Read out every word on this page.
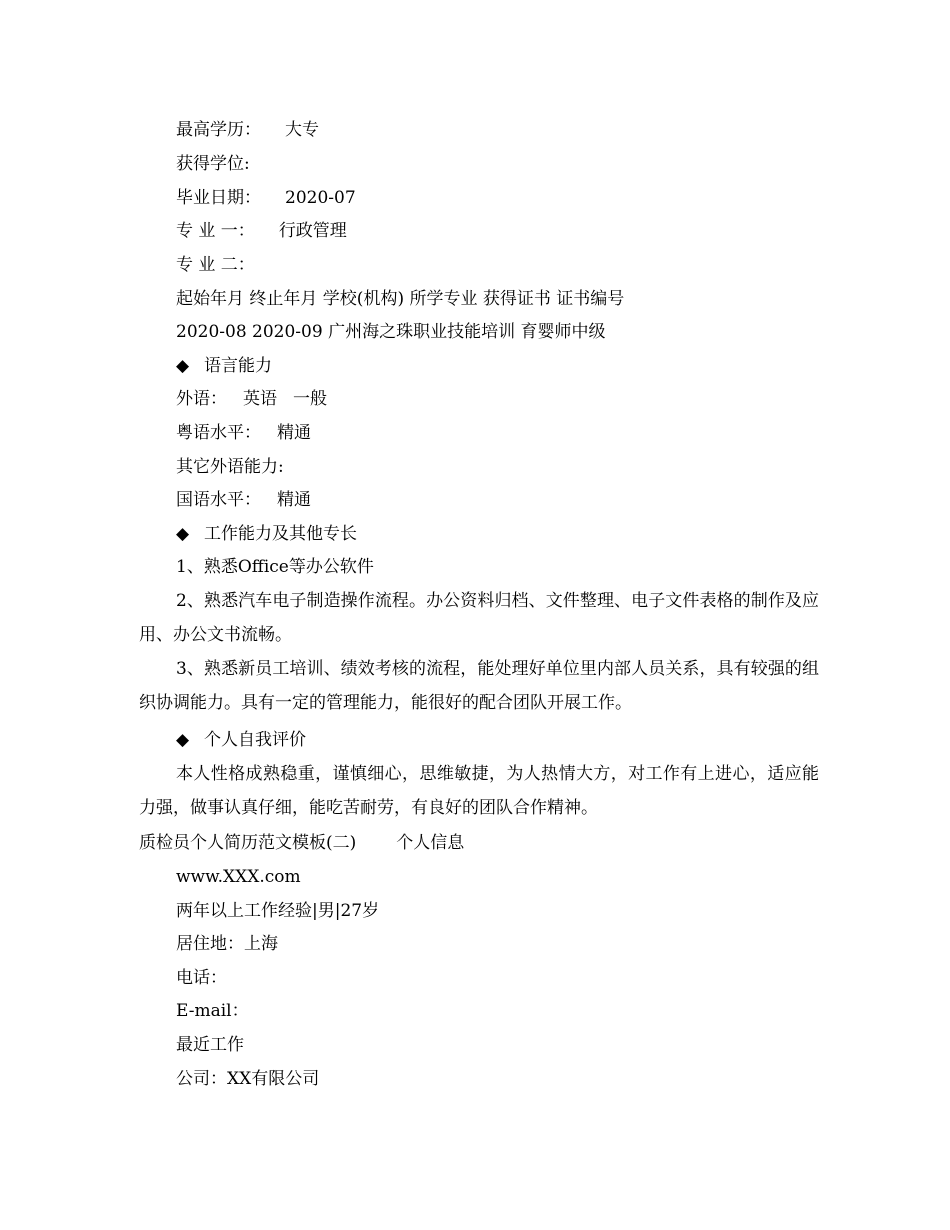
最高学历： 大专
获得学位:
毕业日期： 2020-07
专 业 一： 行政管理
专 业 二：
起始年月 终止年月 学校(机构) 所学专业 获得证书 证书编号
2020-08 2020-09 广州海之珠职业技能培训 育婴师中级
◆ 语言能力
外语： 英语 一般
粤语水平： 精通
其它外语能力:
国语水平： 精通
◆ 工作能力及其他专长
1、熟悉Office等办公软件
2、熟悉汽车电子制造操作流程。办公资料归档、文件整理、电子文件表格的制作及应用、办公文书流畅。
3、熟悉新员工培训、绩效考核的流程，能处理好单位里内部人员关系，具有较强的组织协调能力。具有一定的管理能力，能很好的配合团队开展工作。
◆ 个人自我评价
本人性格成熟稳重，谨慎细心，思维敏捷，为人热情大方，对工作有上进心，适应能力强，做事认真仔细，能吃苦耐劳，有良好的团队合作精神。
质检员个人简历范文模板(二) 个人信息
www.XXX.com
两年以上工作经验|男|27岁
居住地：上海
电话：
E-mail：
最近工作
公司：XX有限公司
